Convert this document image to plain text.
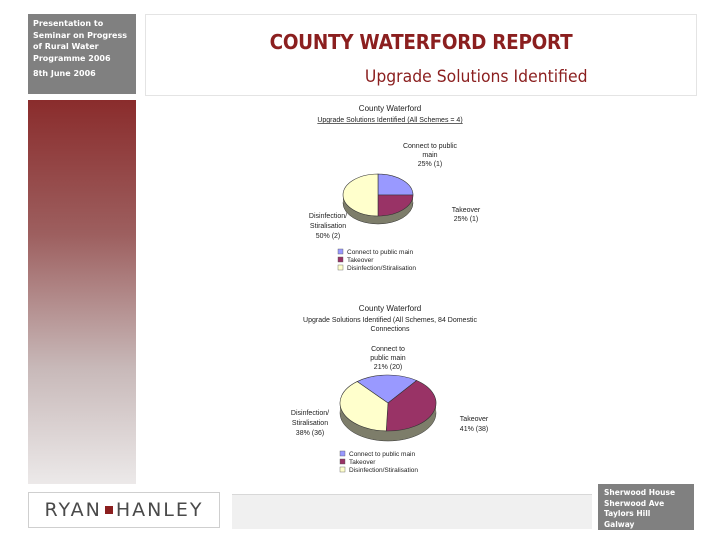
Presentation to
Seminar on Progress
of Rural Water
Programme 2006
8th June 2006
COUNTY WATERFORD REPORT
Upgrade Solutions Identified
County Waterford
Upgrade Solutions Identified (All Schemes = 4)
Connect to public
main
25% (1)
Takeover
25% (1)
Disinfection/
Stiralisation
50% (2)
Connect to public main
Takeover
Disinfection/Stiralisation
County Waterford
Upgrade Solutions Identified (All Schemes, 84 Domestic
Connections
Connect to
public main
21% (20)
Takeover
41% (38)
Disinfection/
Stiralisation
38% (36)
Connect to public main
Takeover
Disinfection/Stiralisation
RYAN HANLEY
Sherwood House
Sherwood Ave
Taylors Hill
Galway
